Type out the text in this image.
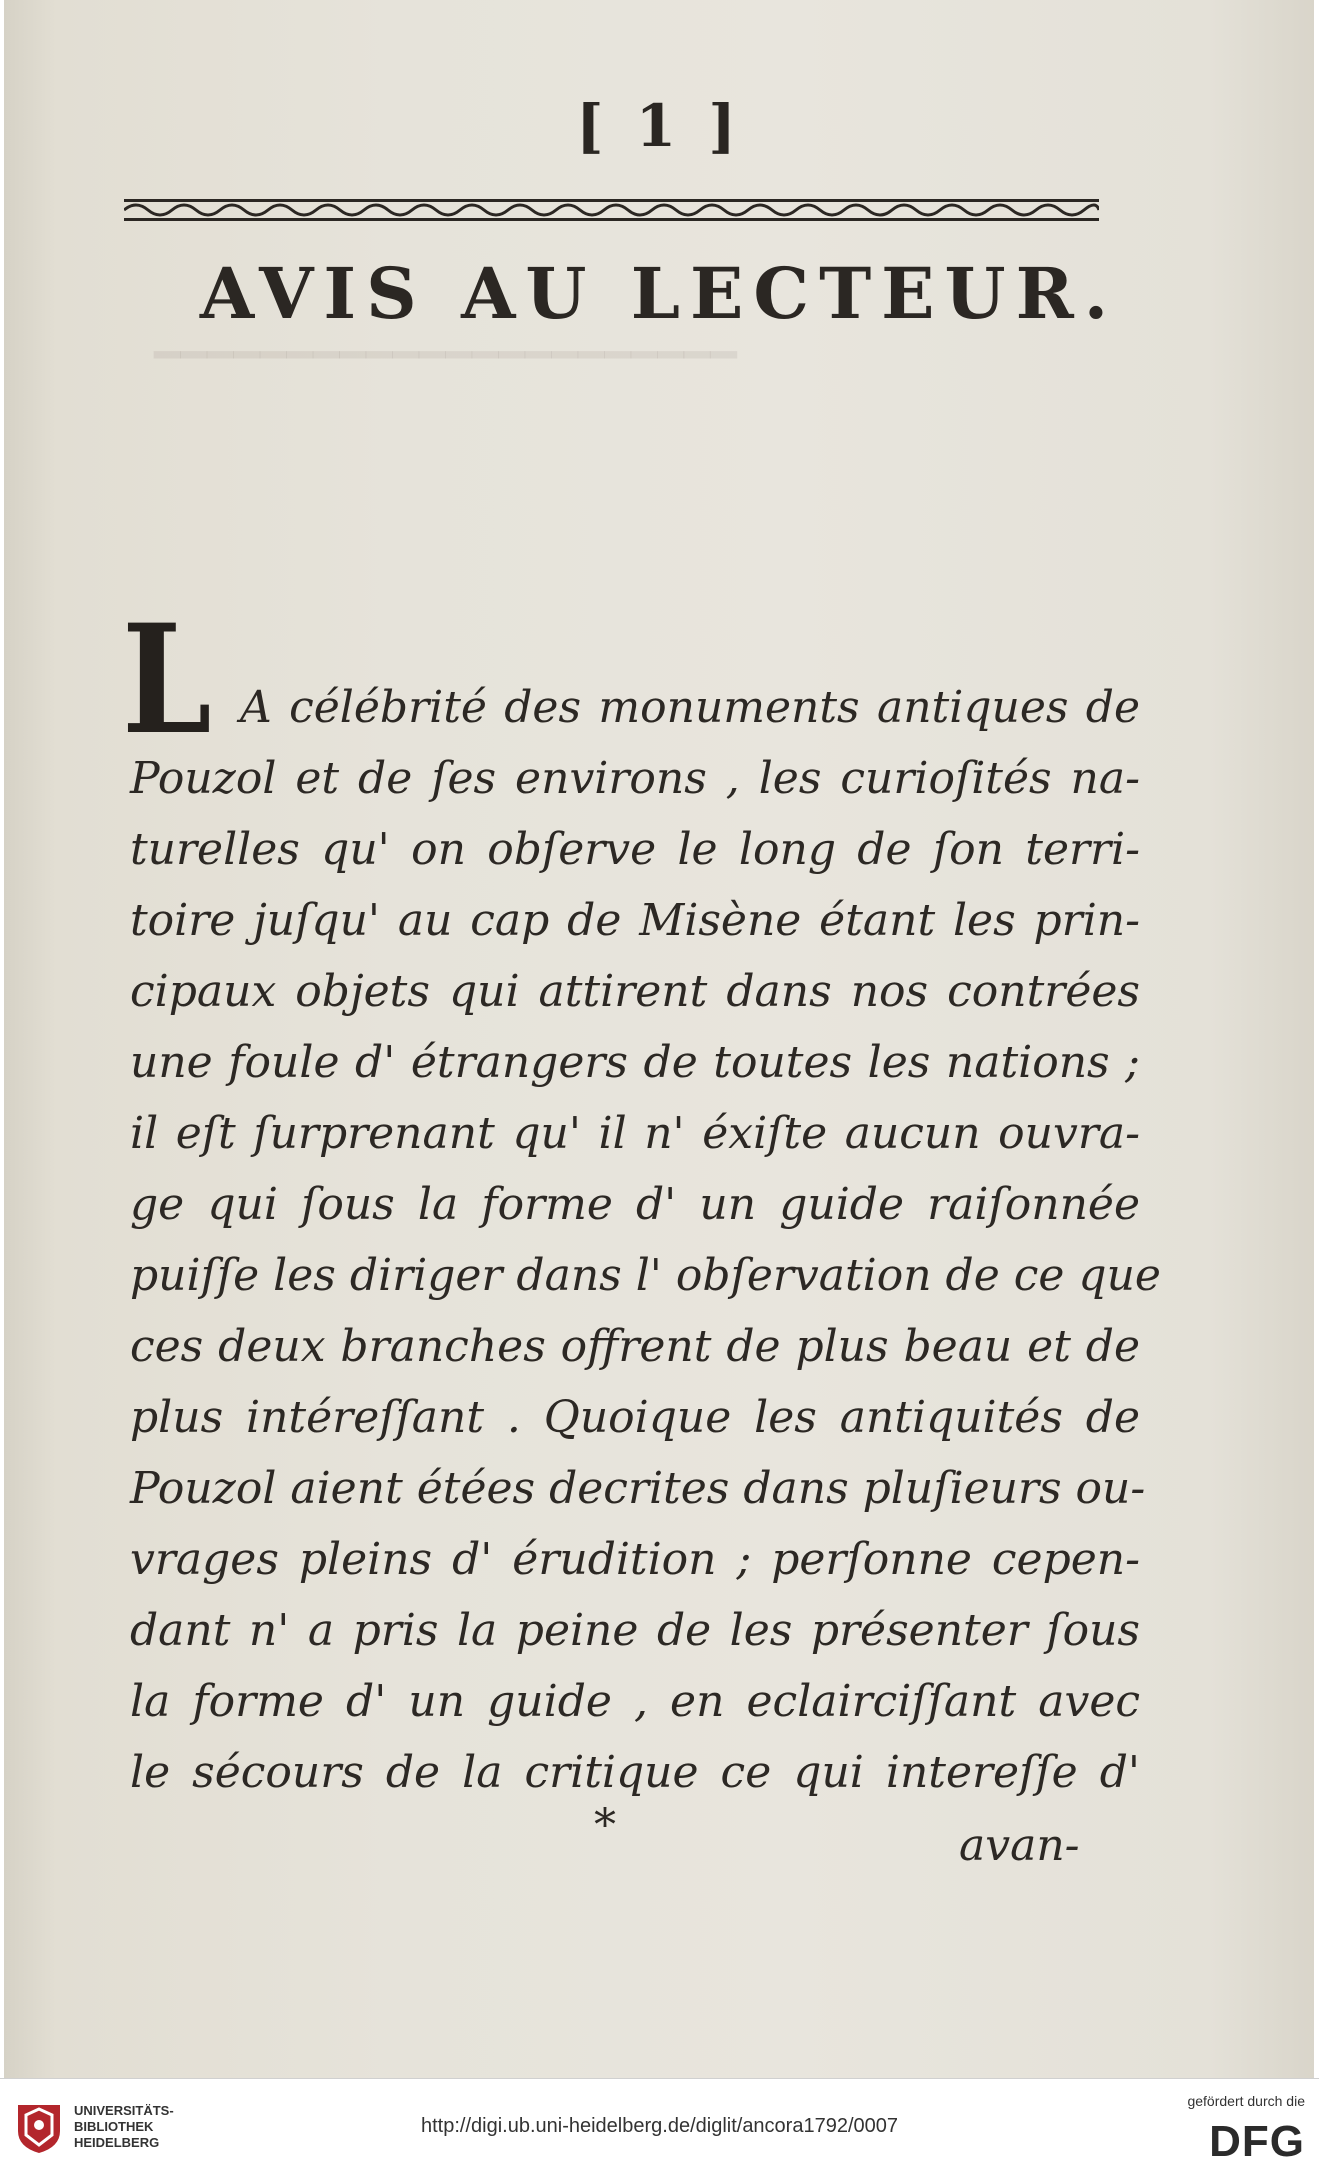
━━━━━━━━━━━━━━━━━━━━━━
[ 1 ]
AVIS AU LECTEUR.
L A célébrité des monuments antiques de
Pouzol et de ſes environs , les curioſités na-
turelles qu' on obſerve le long de ſon terri-
toire juſqu' au cap de Misène étant les prin-
cipaux objets qui attirent dans nos contrées
une foule d' étrangers de toutes les nations ;
il eſt ſurprenant qu' il n' éxiſte aucun ouvra-
ge qui ſous la forme d' un guide raiſonnée
puiſſe les diriger dans l' obſervation de ce que
ces deux branches offrent de plus beau et de
plus intéreſſant . Quoique les antiquités de
Pouzol aient étées decrites dans pluſieurs ou-
vrages pleins d' érudition ; perſonne cepen-
dant n' a pris la peine de les présenter ſous
la forme d' un guide , en eclairciſſant avec
le sécours de la critique ce qui intereſſe d'
*	avan-
UNIVERSITÄTS-
BIBLIOTHEK
HEIDELBERG
http://digi.ub.uni-heidelberg.de/diglit/ancora1792/0007
gefördert durch die
DFG
